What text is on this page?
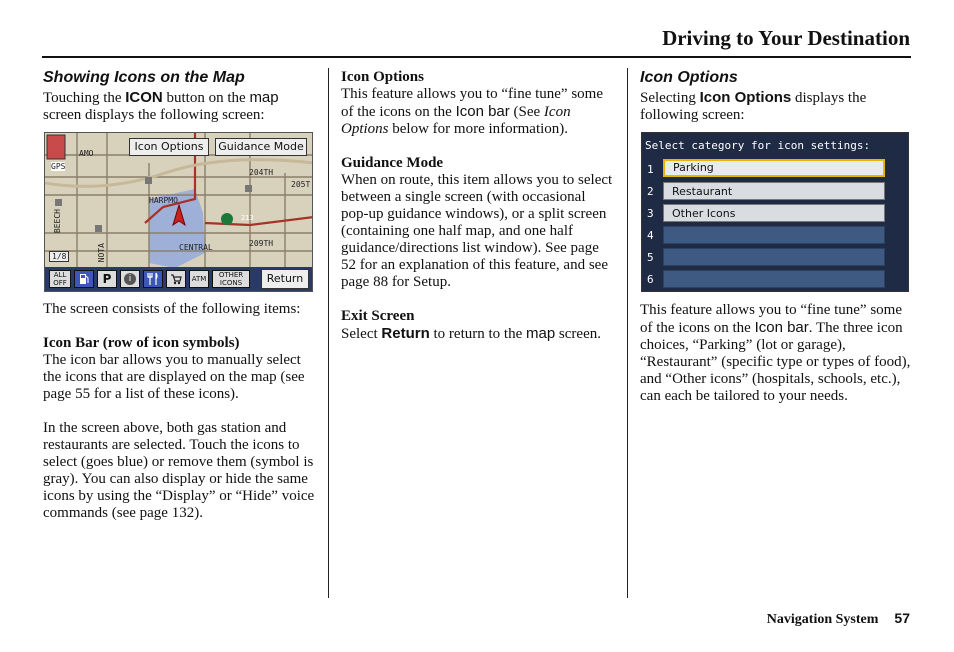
Driving to Your Destination

Showing Icons on the Map

Touching the ICON button on the map screen displays the following screen:

Icon Options	Guidance Mode
AMO
GPS
204TH
205T
HARPMO
BEECH	213
CENTRAL	209TH
NOTA
1/8
ALL OFF	P	i	ATM	OTHER ICONS	Return

The screen consists of the following items:

Icon Bar (row of icon symbols)

The icon bar allows you to manually select the icons that are displayed on the map (see page 55 for a list of these icons).

In the screen above, both gas station and restaurants are selected. Touch the icons to select (goes blue) or remove them (symbol is gray). You can also display or hide the same icons by using the “Display” or “Hide” voice commands (see page 132).

Icon Options

This feature allows you to “fine tune” some of the icons on the Icon bar (See Icon Options below for more information).

Guidance Mode

When on route, this item allows you to select between a single screen (with occasional pop-up guidance windows), or a split screen (containing one half map, and one half guidance/directions list window). See page 52 for an explanation of this feature, and see page 88 for Setup.

Exit Screen

Select Return to return to the map screen.

Icon Options

Selecting Icon Options displays the following screen:

Select category for icon settings:
1	Parking
2	Restaurant
3	Other Icons
4
5
6

This feature allows you to “fine tune” some of the icons on the Icon bar. The three icon choices, “Parking” (lot or garage), “Restaurant” (specific type or types of food), and “Other icons” (hospitals, schools, etc.), can each be tailored to your needs.

Navigation System 57
